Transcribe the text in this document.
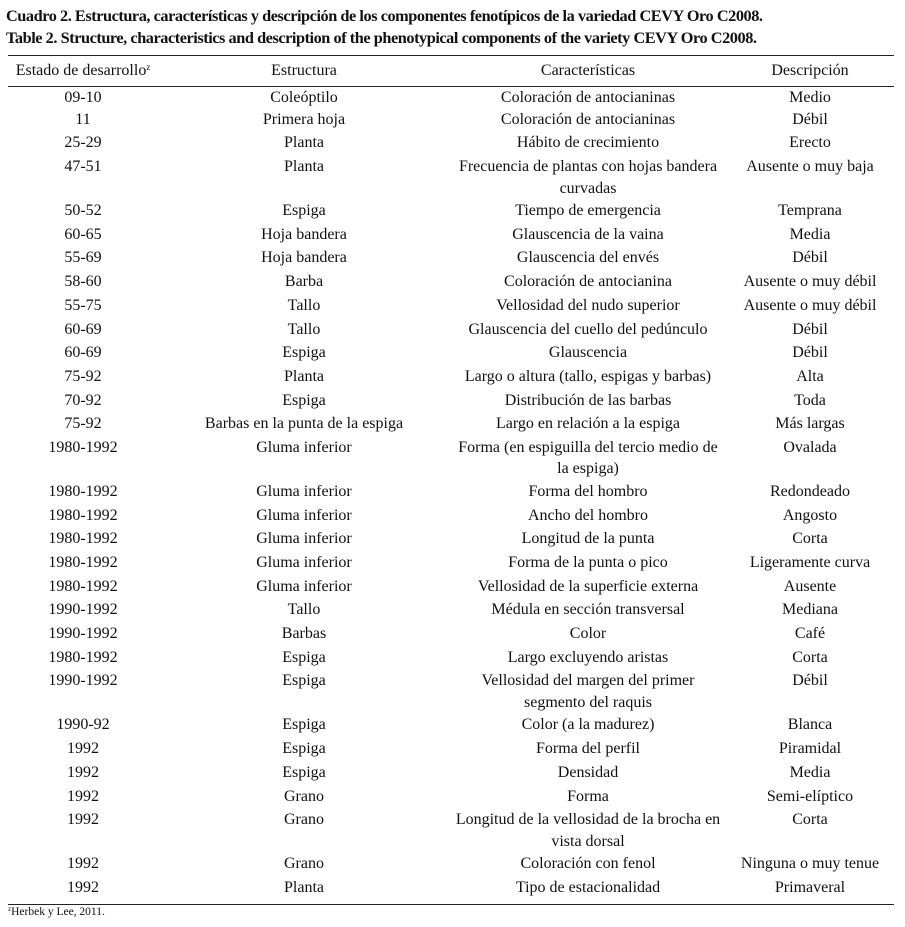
Cuadro 2. Estructura, características y descripción de los componentes fenotípicos de la variedad CEVY Oro C2008.
Table 2. Structure, characteristics and description of the phenotypical components of the variety CEVY Oro C2008.
Estado de desarrollo$^z$	Estructura	Características	Descripción
09-10	Coleóptilo	Coloración de antocianinas	Medio
11	Primera hoja	Coloración de antocianinas	Débil
25-29	Planta	Hábito de crecimiento	Erecto
47-51	Planta	Frecuencia de plantas con hojas bandera curvadas	Ausente o muy baja
50-52	Espiga	Tiempo de emergencia	Temprana
60-65	Hoja bandera	Glauscencia de la vaina	Media
55-69	Hoja bandera	Glauscencia del envés	Débil
58-60	Barba	Coloración de antocianina	Ausente o muy débil
55-75	Tallo	Vellosidad del nudo superior	Ausente o muy débil
60-69	Tallo	Glauscencia del cuello del pedúnculo	Débil
60-69	Espiga	Glauscencia	Débil
75-92	Planta	Largo o altura (tallo, espigas y barbas)	Alta
70-92	Espiga	Distribución de las barbas	Toda
75-92	Barbas en la punta de la espiga	Largo en relación a la espiga	Más largas
1980-1992	Gluma inferior	Forma (en espiguilla del tercio medio de la espiga)	Ovalada
1980-1992	Gluma inferior	Forma del hombro	Redondeado
1980-1992	Gluma inferior	Ancho del hombro	Angosto
1980-1992	Gluma inferior	Longitud de la punta	Corta
1980-1992	Gluma inferior	Forma de la punta o pico	Ligeramente curva
1980-1992	Gluma inferior	Vellosidad de la superficie externa	Ausente
1990-1992	Tallo	Médula en sección transversal	Mediana
1990-1992	Barbas	Color	Café
1980-1992	Espiga	Largo excluyendo aristas	Corta
1990-1992	Espiga	Vellosidad del margen del primer segmento del raquis	Débil
1990-92	Espiga	Color (a la madurez)	Blanca
1992	Espiga	Forma del perfil	Piramidal
1992	Espiga	Densidad	Media
1992	Grano	Forma	Semi-elíptico
1992	Grano	Longitud de la vellosidad de la brocha en vista dorsal	Corta
1992	Grano	Coloración con fenol	Ninguna o muy tenue
1992	Planta	Tipo de estacionalidad	Primaveral
$^z$Herbek y Lee, 2011.
